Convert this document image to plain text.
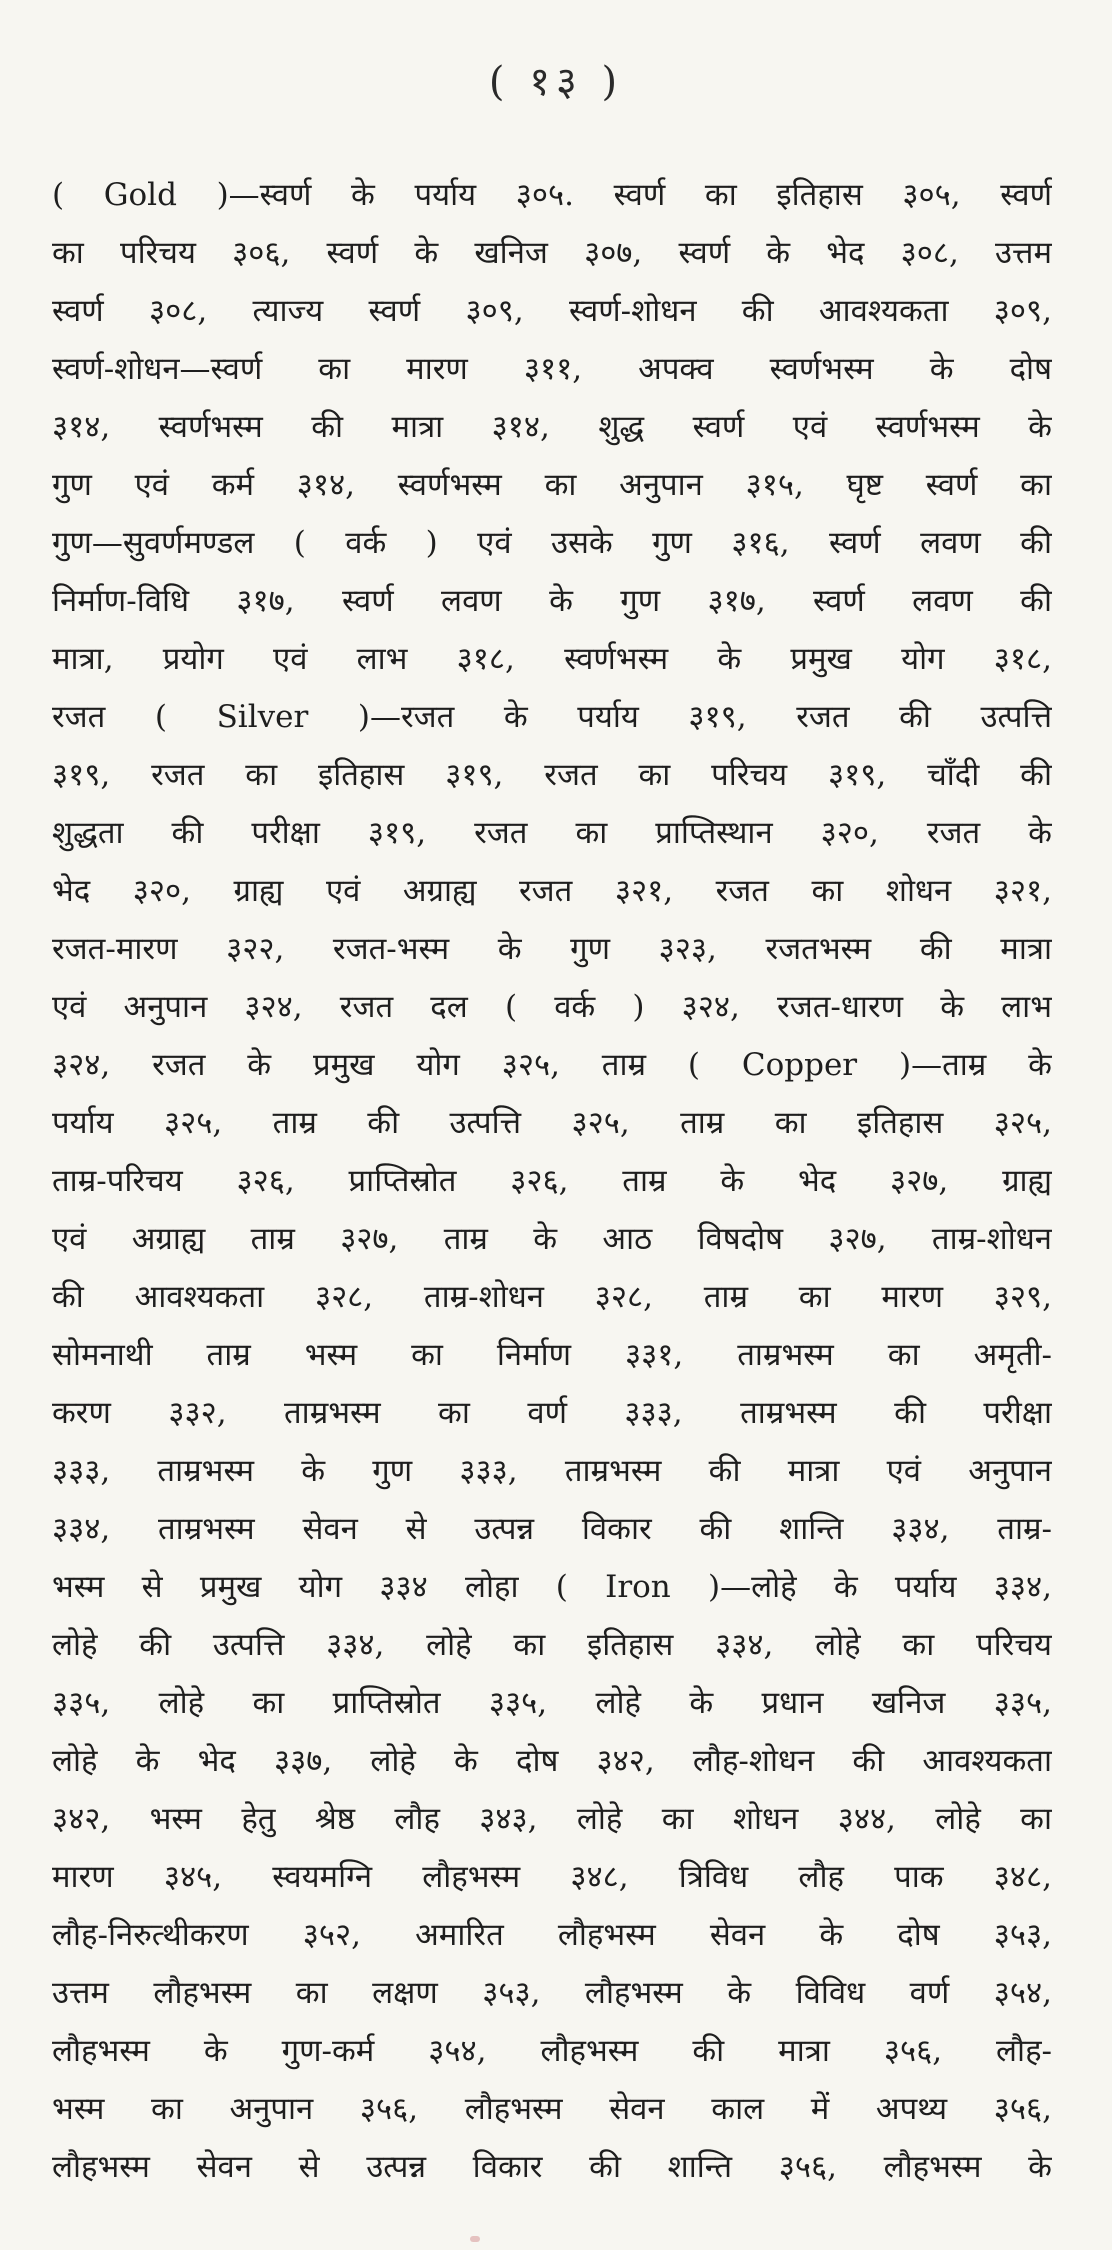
( १३ )
( Gold )—स्वर्ण के पर्याय ३०५. स्वर्ण का इतिहास ३०५, स्वर्ण
का परिचय ३०६, स्वर्ण के खनिज ३०७, स्वर्ण के भेद ३०८, उत्तम
स्वर्ण ३०८, त्याज्य स्वर्ण ३०९, स्वर्ण-शोधन की आवश्यकता ३०९,
स्वर्ण-शोधन—स्वर्ण का मारण ३११, अपक्व स्वर्णभस्म के दोष
३१४, स्वर्णभस्म की मात्रा ३१४, शुद्ध स्वर्ण एवं स्वर्णभस्म के
गुण एवं कर्म ३१४, स्वर्णभस्म का अनुपान ३१५, घृष्ट स्वर्ण का
गुण—सुवर्णमण्डल ( वर्क ) एवं उसके गुण ३१६, स्वर्ण लवण की
निर्माण-विधि ३१७, स्वर्ण लवण के गुण ३१७, स्वर्ण लवण की
मात्रा, प्रयोग एवं लाभ ३१८, स्वर्णभस्म के प्रमुख योग ३१८,
रजत ( Silver )—रजत के पर्याय ३१९, रजत की उत्पत्ति
३१९, रजत का इतिहास ३१९, रजत का परिचय ३१९, चाँदी की
शुद्धता की परीक्षा ३१९, रजत का प्राप्तिस्थान ३२०, रजत के
भेद ३२०, ग्राह्य एवं अग्राह्य रजत ३२१, रजत का शोधन ३२१,
रजत-मारण ३२२, रजत-भस्म के गुण ३२३, रजतभस्म की मात्रा
एवं अनुपान ३२४, रजत दल ( वर्क ) ३२४, रजत-धारण के लाभ
३२४, रजत के प्रमुख योग ३२५, ताम्र ( Copper )—ताम्र के
पर्याय ३२५, ताम्र की उत्पत्ति ३२५, ताम्र का इतिहास ३२५,
ताम्र-परिचय ३२६, प्राप्तिस्रोत ३२६, ताम्र के भेद ३२७, ग्राह्य
एवं अग्राह्य ताम्र ३२७, ताम्र के आठ विषदोष ३२७, ताम्र-शोधन
की आवश्यकता ३२८, ताम्र-शोधन ३२८, ताम्र का मारण ३२९,
सोमनाथी ताम्र भस्म का निर्माण ३३१, ताम्रभस्म का अमृती-
करण ३३२, ताम्रभस्म का वर्ण ३३३, ताम्रभस्म की परीक्षा
३३३, ताम्रभस्म के गुण ३३३, ताम्रभस्म की मात्रा एवं अनुपान
३३४, ताम्रभस्म सेवन से उत्पन्न विकार की शान्ति ३३४, ताम्र-
भस्म से प्रमुख योग ३३४ लोहा ( Iron )—लोहे के पर्याय ३३४,
लोहे की उत्पत्ति ३३४, लोहे का इतिहास ३३४, लोहे का परिचय
३३५, लोहे का प्राप्तिस्रोत ३३५, लोहे के प्रधान खनिज ३३५,
लोहे के भेद ३३७, लोहे के दोष ३४२, लौह-शोधन की आवश्यकता
३४२, भस्म हेतु श्रेष्ठ लौह ३४३, लोहे का शोधन ३४४, लोहे का
मारण ३४५, स्वयमग्नि लौहभस्म ३४८, त्रिविध लौह पाक ३४८,
लौह-निरुत्थीकरण ३५२, अमारित लौहभस्म सेवन के दोष ३५३,
उत्तम लौहभस्म का लक्षण ३५३, लौहभस्म के विविध वर्ण ३५४,
लौहभस्म के गुण-कर्म ३५४, लौहभस्म की मात्रा ३५६, लौह-
भस्म का अनुपान ३५६, लौहभस्म सेवन काल में अपथ्य ३५६,
लौहभस्म सेवन से उत्पन्न विकार की शान्ति ३५६, लौहभस्म के
